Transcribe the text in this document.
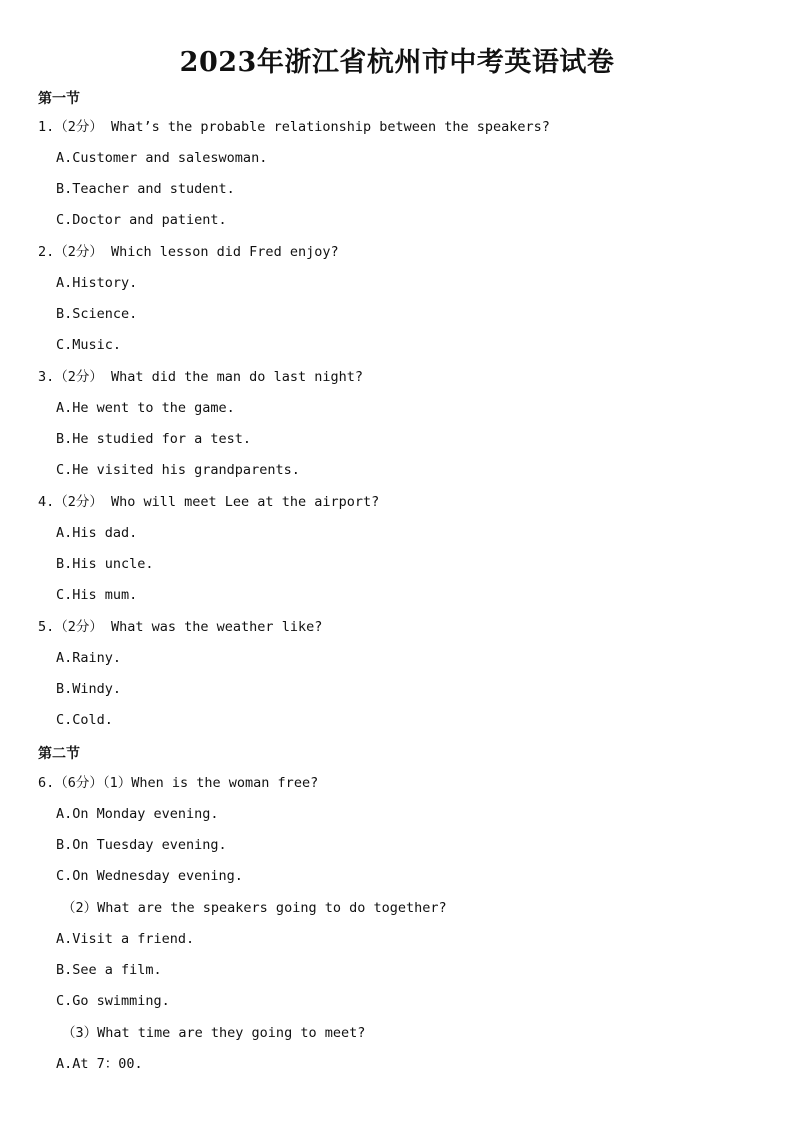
2023年浙江省杭州市中考英语试卷
第一节
1.（2分） What’s the probable relationship between the speakers?
A.Customer and saleswoman.
B.Teacher and student.
C.Doctor and patient.
2.（2分） Which lesson did Fred enjoy?
A.History.
B.Science.
C.Music.
3.（2分） What did the man do last night?
A.He went to the game.
B.He studied for a test.
C.He visited his grandparents.
4.（2分） Who will meet Lee at the airport?
A.His dad.
B.His uncle.
C.His mum.
5.（2分） What was the weather like?
A.Rainy.
B.Windy.
C.Cold.
第二节
6.（6分）（1）When is the woman free?
A.On Monday evening.
B.On Tuesday evening.
C.On Wednesday evening.
（2）What are the speakers going to do together?
A.Visit a friend.
B.See a film.
C.Go swimming.
（3）What time are they going to meet?
A.At 7：00.
